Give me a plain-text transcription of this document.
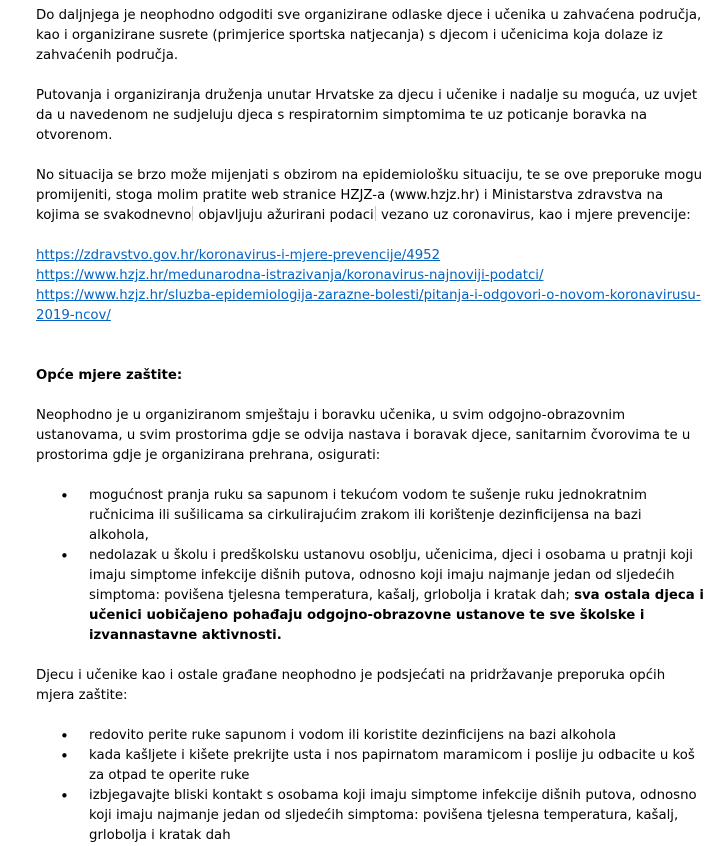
Do daljnjega je neophodno odgoditi sve organizirane odlaske djece i učenika u zahvaćena područja, kao i organizirane susrete (primjerice sportska natjecanja) s djecom i učenicima koja dolaze iz zahvaćenih područja.

Putovanja i organiziranja druženja unutar Hrvatske za djecu i učenike i nadalje su moguća, uz uvjet da u navedenom ne sudjeluju djeca s respiratornim simptomima te uz poticanje boravka na otvorenom.

No situacija se brzo može mijenjati s obzirom na epidemiološku situaciju, te se ove preporuke mogu promijeniti, stoga molim pratite web stranice HZJZ-a (www.hzjz.hr) i Ministarstva zdravstva na kojima se svakodnevno objavljuju ažurirani podaci vezano uz coronavirus, kao i mjere prevencije:

https://zdravstvo.gov.hr/koronavirus-i-mjere-prevencije/4952
https://www.hzjz.hr/medunarodna-istrazivanja/koronavirus-najnoviji-podatci/
https://www.hzjz.hr/sluzba-epidemiologija-zarazne-bolesti/pitanja-i-odgovori-o-novom-koronavirusu-2019-ncov/

Opće mjere zaštite:

Neophodno je u organiziranom smještaju i boravku učenika, u svim odgojno-obrazovnim ustanovama, u svim prostorima gdje se odvija nastava i boravak djece, sanitarnim čvorovima te u prostorima gdje je organizirana prehrana, osigurati:

• mogućnost pranja ruku sa sapunom i tekućom vodom te sušenje ruku jednokratnim ručnicima ili sušilicama sa cirkulirajućim zrakom ili korištenje dezinficijensa na bazi alkohola,
• nedolazak u školu i predškolsku ustanovu osoblju, učenicima, djeci i osobama u pratnji koji imaju simptome infekcije dišnih putova, odnosno koji imaju najmanje jedan od sljedećih simptoma: povišena tjelesna temperatura, kašalj, grlobolja i kratak dah; sva ostala djeca i učenici uobičajeno pohađaju odgojno-obrazovne ustanove te sve školske i izvannastavne aktivnosti.

Djecu i učenike kao i ostale građane neophodno je podsjećati na pridržavanje preporuka općih mjera zaštite:

• redovito perite ruke sapunom i vodom ili koristite dezinficijens na bazi alkohola
• kada kašljete i kišete prekrijte usta i nos papirnatom maramicom i poslije ju odbacite u koš za otpad te operite ruke
• izbjegavajte bliski kontakt s osobama koji imaju simptome infekcije dišnih putova, odnosno koji imaju najmanje jedan od sljedećih simptoma: povišena tjelesna temperatura, kašalj, grlobolja i kratak dah
